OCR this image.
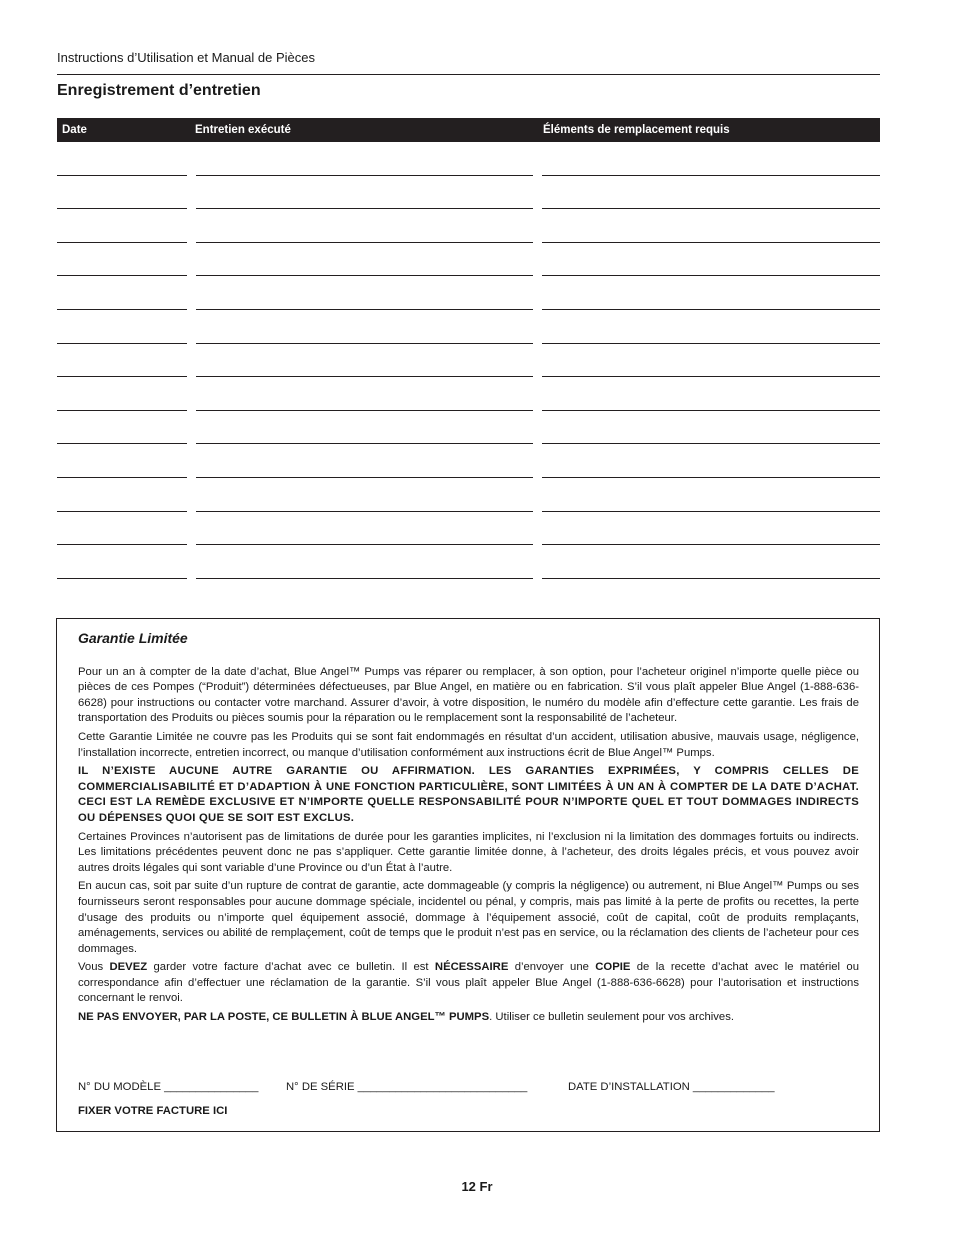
Instructions d’Utilisation et Manual de Pièces
Enregistrement d’entretien
Date	Entretien exécuté	Éléments de remplacement requis
Garantie Limitée

Pour un an à compter de la date d’achat, Blue Angel™ Pumps vas réparer ou remplacer, à son option, pour l’acheteur originel n’importe quelle pièce ou pièces de ces Pompes (“Produit”) déterminées défectueuses, par Blue Angel, en matière ou en fabrication. S’il vous plaît appeler Blue Angel (1-888-636-6628) pour instructions ou contacter votre marchand. Assurer d’avoir, à votre disposition, le numéro du modèle afin d’effecture cette garantie. Les frais de transportation des Produits ou pièces soumis pour la réparation ou le remplacement sont la responsabilité de l’acheteur.

Cette Garantie Limitée ne couvre pas les Produits qui se sont fait endommagés en résultat d’un accident, utilisation abusive, mauvais usage, négligence, l’installation incorrecte, entretien incorrect, ou manque d’utilisation conformément aux instructions écrit de Blue Angel™ Pumps.

IL N’EXISTE AUCUNE AUTRE GARANTIE OU AFFIRMATION. LES GARANTIES EXPRIMÉES, Y COMPRIS CELLES DE COMMERCIALISABILITÉ ET D’ADAPTION À UNE FONCTION PARTICULIÈRE, SONT LIMITÉES À UN AN À COMPTER DE LA DATE D’ACHAT. CECI EST LA REMÈDE EXCLUSIVE ET N’IMPORTE QUELLE RESPONSABILITÉ POUR N’IMPORTE QUEL ET TOUT DOMMAGES INDIRECTS OU DÉPENSES QUOI QUE SE SOIT EST EXCLUS.

Certaines Provinces n’autorisent pas de limitations de durée pour les garanties implicites, ni l’exclusion ni la limitation des dommages fortuits ou indirects. Les limitations précédentes peuvent donc ne pas s’appliquer. Cette garantie limitée donne, à l’acheteur, des droits légales précis, et vous pouvez avoir autres droits légales qui sont variable d’une Province ou d’un État à l’autre.

En aucun cas, soit par suite d’un rupture de contrat de garantie, acte dommageable (y compris la négligence) ou autrement, ni Blue Angel™ Pumps ou ses fournisseurs seront responsables pour aucune dommage spéciale, incidentel ou pénal, y compris, mais pas limité à la perte de profits ou recettes, la perte d’usage des produits ou n’importe quel équipement associé, dommage à l’équipement associé, coût de capital, coût de produits remplaçants, aménagements, services ou abilité de remplaçement, coût de temps que le produit n’est pas en service, ou la réclamation des clients de l’acheteur pour ces dommages.

Vous DEVEZ garder votre facture d’achat avec ce bulletin. Il est NÉCESSAIRE d’envoyer une COPIE de la recette d’achat avec le matériel ou correspondance afin d’effectuer une réclamation de la garantie. S’il vous plaît appeler Blue Angel (1-888-636-6628) pour l’autorisation et instructions concernant le renvoi.

NE PAS ENVOYER, PAR LA POSTE, CE BULLETIN À BLUE ANGEL™ PUMPS. Utiliser ce bulletin seulement pour vos archives.

N° DU MODÈLE _______________ N° DE SÉRIE ___________________________	DATE D’INSTALLATION _____________
FIXER VOTRE FACTURE ICI
12 Fr
